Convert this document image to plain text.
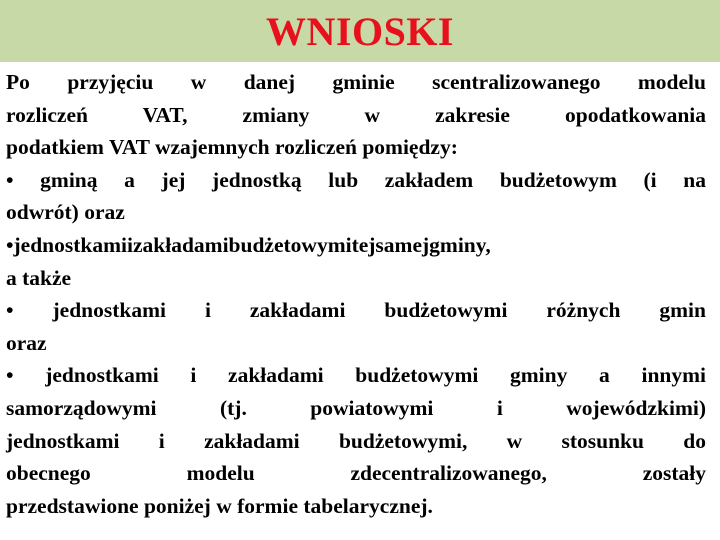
WNIOSKI
Po przyjęciu w danej gminie scentralizowanego modelu
rozliczeń VAT, zmiany w zakresie opodatkowania
podatkiem VAT wzajemnych rozliczeń pomiędzy:
• gminą a jej jednostką lub zakładem budżetowym (i na
odwrót) oraz
•jednostkamiizakładamibudżetowymitejsamejgminy,
a także
• jednostkami i zakładami budżetowymi różnych gmin
oraz
• jednostkami i zakładami budżetowymi gminy a innymi
samorządowymi (tj. powiatowymi i wojewódzkimi)
jednostkami i zakładami budżetowymi, w stosunku do
obecnego modelu zdecentralizowanego, zostały
przedstawione poniżej w formie tabelarycznej.
